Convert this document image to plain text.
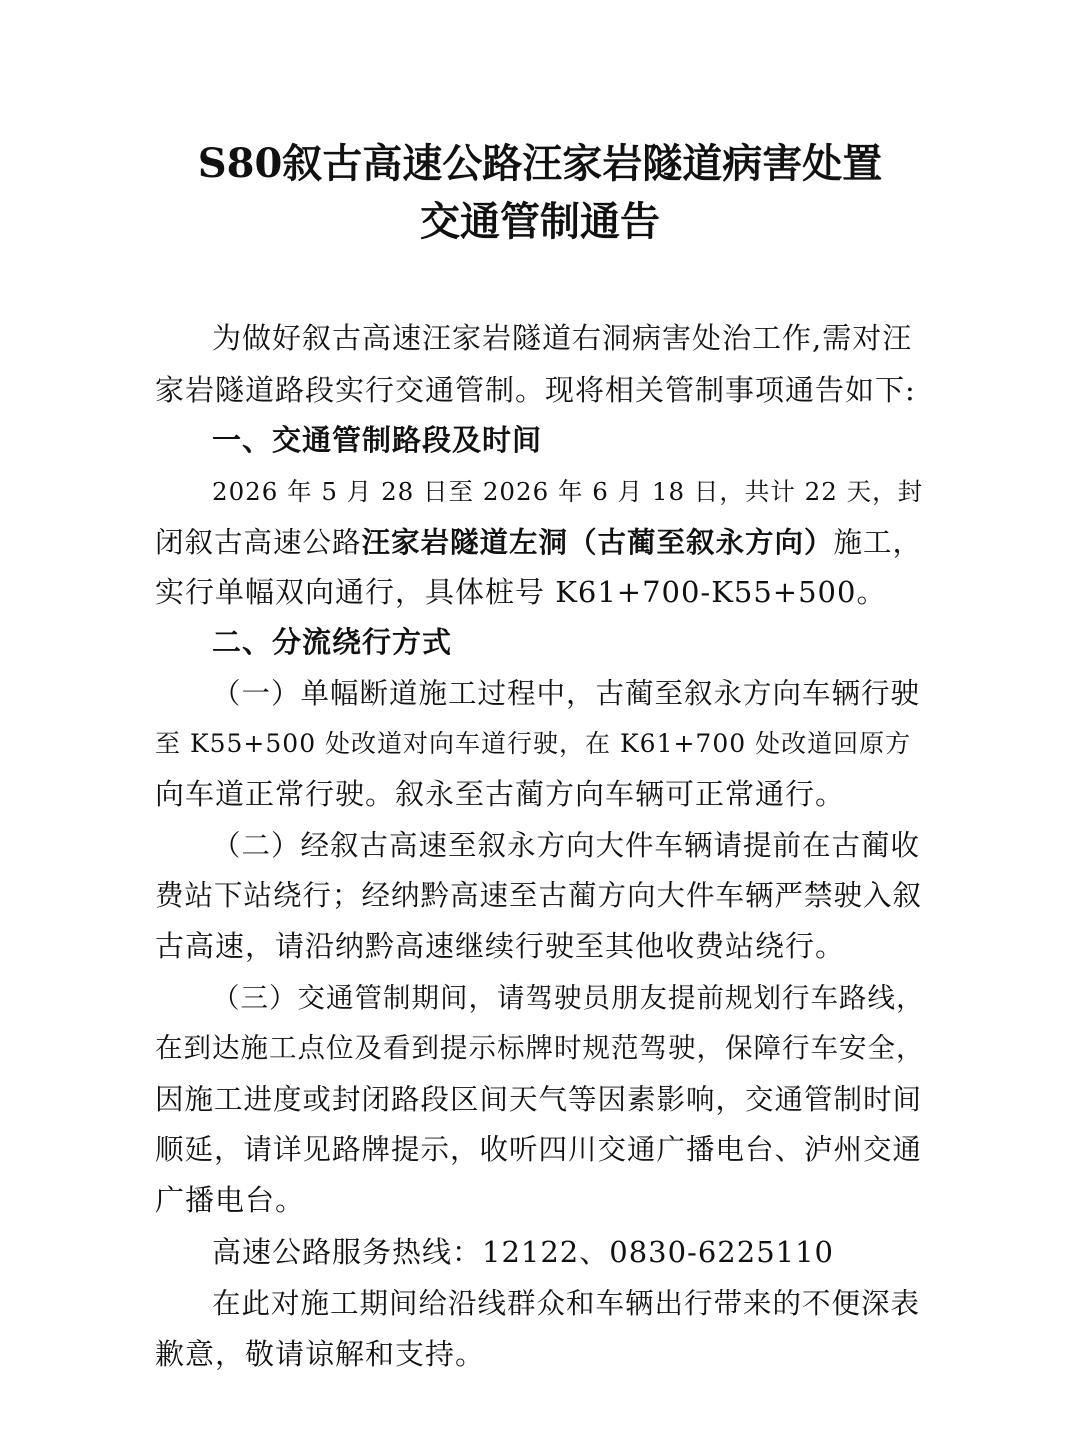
S80叙古高速公路汪家岩隧道病害处置
交通管制通告
为做好叙古高速汪家岩隧道右洞病害处治工作,需对汪
家岩隧道路段实行交通管制。现将相关管制事项通告如下:
一、交通管制路段及时间
2026 年 5 月 28 日至 2026 年 6 月 18 日，共计 22 天，封
闭叙古高速公路汪家岩隧道左洞（古蔺至叙永方向）施工，
实行单幅双向通行，具体桩号 K61+700-K55+500。
二、分流绕行方式
（一）单幅断道施工过程中，古蔺至叙永方向车辆行驶
至 K55+500 处改道对向车道行驶，在 K61+700 处改道回原方
向车道正常行驶。叙永至古蔺方向车辆可正常通行。
（二）经叙古高速至叙永方向大件车辆请提前在古蔺收
费站下站绕行；经纳黔高速至古蔺方向大件车辆严禁驶入叙
古高速，请沿纳黔高速继续行驶至其他收费站绕行。
（三）交通管制期间，请驾驶员朋友提前规划行车路线，
在到达施工点位及看到提示标牌时规范驾驶，保障行车安全，
因施工进度或封闭路段区间天气等因素影响，交通管制时间
顺延，请详见路牌提示，收听四川交通广播电台、泸州交通
广播电台。
高速公路服务热线：12122、0830-6225110
在此对施工期间给沿线群众和车辆出行带来的不便深表
歉意，敬请谅解和支持。
